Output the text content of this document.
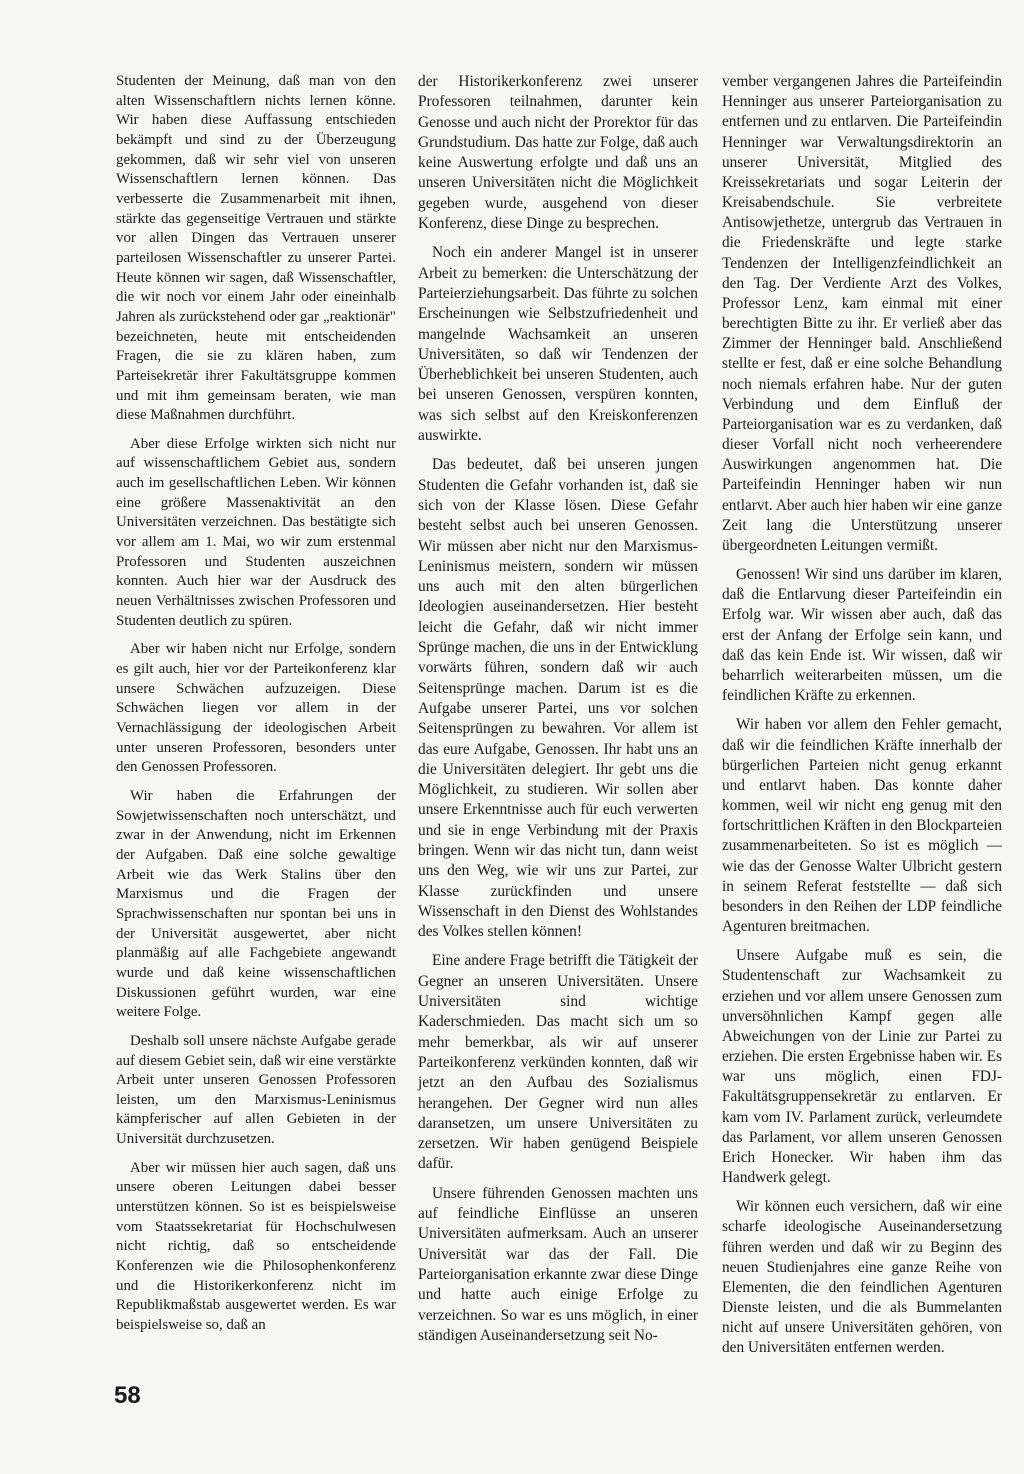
Studenten der Meinung, daß man von den alten Wissenschaftlern nichts lernen könne. Wir haben diese Auffassung entschieden bekämpft und sind zu der Überzeugung gekommen, daß wir sehr viel von unseren Wissenschaftlern lernen können. Das verbesserte die Zusammenarbeit mit ihnen, stärkte das gegenseitige Vertrauen und stärkte vor allen Dingen das Vertrauen unserer parteilosen Wissenschaftler zu unserer Partei. Heute können wir sagen, daß Wissenschaftler, die wir noch vor einem Jahr oder eineinhalb Jahren als zurückstehend oder gar „reaktionär" bezeichneten, heute mit entscheidenden Fragen, die sie zu klären haben, zum Parteisekretär ihrer Fakultätsgruppe kommen und mit ihm gemeinsam beraten, wie man diese Maßnahmen durchführt.

Aber diese Erfolge wirkten sich nicht nur auf wissenschaftlichem Gebiet aus, sondern auch im gesellschaftlichen Leben. Wir können eine größere Massenaktivität an den Universitäten verzeichnen. Das bestätigte sich vor allem am 1. Mai, wo wir zum erstenmal Professoren und Studenten auszeichnen konnten. Auch hier war der Ausdruck des neuen Verhältnisses zwischen Professoren und Studenten deutlich zu spüren.

Aber wir haben nicht nur Erfolge, sondern es gilt auch, hier vor der Parteikonferenz klar unsere Schwächen aufzuzeigen. Diese Schwächen liegen vor allem in der Vernachlässigung der ideologischen Arbeit unter unseren Professoren, besonders unter den Genossen Professoren.

Wir haben die Erfahrungen der Sowjetwissenschaften noch unterschätzt, und zwar in der Anwendung, nicht im Erkennen der Aufgaben. Daß eine solche gewaltige Arbeit wie das Werk Stalins über den Marxismus und die Fragen der Sprachwissenschaften nur spontan bei uns in der Universität ausgewertet, aber nicht planmäßig auf alle Fachgebiete angewandt wurde und daß keine wissenschaftlichen Diskussionen geführt wurden, war eine weitere Folge.

Deshalb soll unsere nächste Aufgabe gerade auf diesem Gebiet sein, daß wir eine verstärkte Arbeit unter unseren Genossen Professoren leisten, um den Marxismus-Leninismus kämpferischer auf allen Gebieten in der Universität durchzusetzen.

Aber wir müssen hier auch sagen, daß uns unsere oberen Leitungen dabei besser unterstützen können. So ist es beispielsweise vom Staatssekretariat für Hochschulwesen nicht richtig, daß so entscheidende Konferenzen wie die Philosophenkonferenz und die Historikerkonferenz nicht im Republikmaßstab ausgewertet werden. Es war beispielsweise so, daß an

der Historikerkonferenz zwei unserer Professoren teilnahmen, darunter kein Genosse und auch nicht der Prorektor für das Grundstudium. Das hatte zur Folge, daß auch keine Auswertung erfolgte und daß uns an unseren Universitäten nicht die Möglichkeit gegeben wurde, ausgehend von dieser Konferenz, diese Dinge zu besprechen.

Noch ein anderer Mangel ist in unserer Arbeit zu bemerken: die Unterschätzung der Parteierziehungsarbeit. Das führte zu solchen Erscheinungen wie Selbstzufriedenheit und mangelnde Wachsamkeit an unseren Universitäten, so daß wir Tendenzen der Überheblichkeit bei unseren Studenten, auch bei unseren Genossen, verspüren konnten, was sich selbst auf den Kreiskonferenzen auswirkte.

Das bedeutet, daß bei unseren jungen Studenten die Gefahr vorhanden ist, daß sie sich von der Klasse lösen. Diese Gefahr besteht selbst auch bei unseren Genossen. Wir müssen aber nicht nur den Marxismus-Leninismus meistern, sondern wir müssen uns auch mit den alten bürgerlichen Ideologien auseinandersetzen. Hier besteht leicht die Gefahr, daß wir nicht immer Sprünge machen, die uns in der Entwicklung vorwärts führen, sondern daß wir auch Seitensprünge machen. Darum ist es die Aufgabe unserer Partei, uns vor solchen Seitensprüngen zu bewahren. Vor allem ist das eure Aufgabe, Genossen. Ihr habt uns an die Universitäten delegiert. Ihr gebt uns die Möglichkeit, zu studieren. Wir sollen aber unsere Erkenntnisse auch für euch verwerten und sie in enge Verbindung mit der Praxis bringen. Wenn wir das nicht tun, dann weist uns den Weg, wie wir uns zur Partei, zur Klasse zurückfinden und unsere Wissenschaft in den Dienst des Wohlstandes des Volkes stellen können!

Eine andere Frage betrifft die Tätigkeit der Gegner an unseren Universitäten. Unsere Universitäten sind wichtige Kaderschmieden. Das macht sich um so mehr bemerkbar, als wir auf unserer Parteikonferenz verkünden konnten, daß wir jetzt an den Aufbau des Sozialismus herangehen. Der Gegner wird nun alles daransetzen, um unsere Universitäten zu zersetzen. Wir haben genügend Beispiele dafür.

Unsere führenden Genossen machten uns auf feindliche Einflüsse an unseren Universitäten aufmerksam. Auch an unserer Universität war das der Fall. Die Parteiorganisation erkannte zwar diese Dinge und hatte auch einige Erfolge zu verzeichnen. So war es uns möglich, in einer ständigen Auseinandersetzung seit No-

vember vergangenen Jahres die Parteifeindin Henninger aus unserer Parteiorganisation zu entfernen und zu entlarven. Die Parteifeindin Henninger war Verwaltungsdirektorin an unserer Universität, Mitglied des Kreissekretariats und sogar Leiterin der Kreisabendschule. Sie verbreitete Antisowjethetze, untergrub das Vertrauen in die Friedenskräfte und legte starke Tendenzen der Intelligenzfeindlichkeit an den Tag. Der Verdiente Arzt des Volkes, Professor Lenz, kam einmal mit einer berechtigten Bitte zu ihr. Er verließ aber das Zimmer der Henninger bald. Anschließend stellte er fest, daß er eine solche Behandlung noch niemals erfahren habe. Nur der guten Verbindung und dem Einfluß der Parteiorganisation war es zu verdanken, daß dieser Vorfall nicht noch verheerendere Auswirkungen angenommen hat. Die Parteifeindin Henninger haben wir nun entlarvt. Aber auch hier haben wir eine ganze Zeit lang die Unterstützung unserer übergeordneten Leitungen vermißt.

Genossen! Wir sind uns darüber im klaren, daß die Entlarvung dieser Parteifeindin ein Erfolg war. Wir wissen aber auch, daß das erst der Anfang der Erfolge sein kann, und daß das kein Ende ist. Wir wissen, daß wir beharrlich weiterarbeiten müssen, um die feindlichen Kräfte zu erkennen.

Wir haben vor allem den Fehler gemacht, daß wir die feindlichen Kräfte innerhalb der bürgerlichen Parteien nicht genug erkannt und entlarvt haben. Das konnte daher kommen, weil wir nicht eng genug mit den fortschrittlichen Kräften in den Blockparteien zusammenarbeiteten. So ist es möglich — wie das der Genosse Walter Ulbricht gestern in seinem Referat feststellte — daß sich besonders in den Reihen der LDP feindliche Agenturen breitmachen.

Unsere Aufgabe muß es sein, die Studentenschaft zur Wachsamkeit zu erziehen und vor allem unsere Genossen zum unversöhnlichen Kampf gegen alle Abweichungen von der Linie zur Partei zu erziehen. Die ersten Ergebnisse haben wir. Es war uns möglich, einen FDJ-Fakultätsgruppensekretär zu entlarven. Er kam vom IV. Parlament zurück, verleumdete das Parlament, vor allem unseren Genossen Erich Honecker. Wir haben ihm das Handwerk gelegt.

Wir können euch versichern, daß wir eine scharfe ideologische Auseinandersetzung führen werden und daß wir zu Beginn des neuen Studienjahres eine ganze Reihe von Elementen, die den feindlichen Agenturen Dienste leisten, und die als Bummelanten nicht auf unsere Universitäten gehören, von den Universitäten entfernen werden.

58
